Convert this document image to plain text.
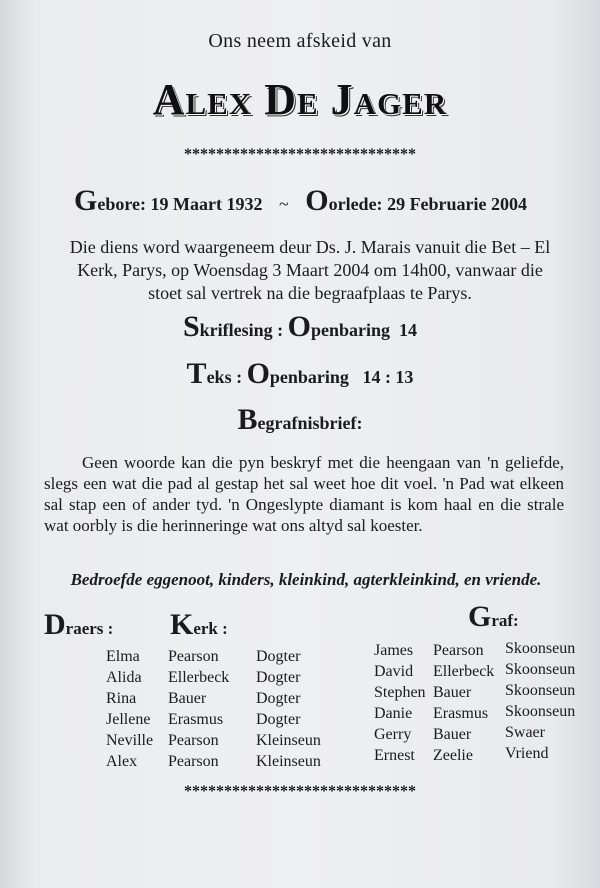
Ons neem afskeid van
Alex De Jager
*****************************
Gebore: 19 Maart 1932 ~ Oorlede: 29 Februarie 2004
Die diens word waargeneem deur Ds. J. Marais vanuit die Bet – El Kerk, Parys, op Woensdag 3 Maart 2004 om 14h00, vanwaar die stoet sal vertrek na die begraafplaas te Parys.
Skriflesing : Openbaring 14
Teks : Openbaring 14 : 13
Begrafnisbrief:
Geen woorde kan die pyn beskryf met die heengaan van 'n geliefde, slegs een wat die pad al gestap het sal weet hoe dit voel. 'n Pad wat elkeen sal stap een of ander tyd. 'n Ongeslypte diamant is kom haal en die strale wat oorbly is die herinneringe wat ons altyd sal koester.
Bedroefde eggenoot, kinders, kleinkind, agterkleinkind, en vriende.
Draers : Kerk :	Graf:
Elma
Alida
Rina
Jellene
Neville
Alex
Pearson
Ellerbeck
Bauer
Erasmus
Pearson
Pearson
Dogter
Dogter
Dogter
Dogter
Kleinseun
Kleinseun
James
David
Stephen
Danie
Gerry
Ernest
Pearson
Ellerbeck
Bauer
Erasmus
Bauer
Zeelie
Skoonseun
Skoonseun
Skoonseun
Skoonseun
Swaer
Vriend
*****************************
